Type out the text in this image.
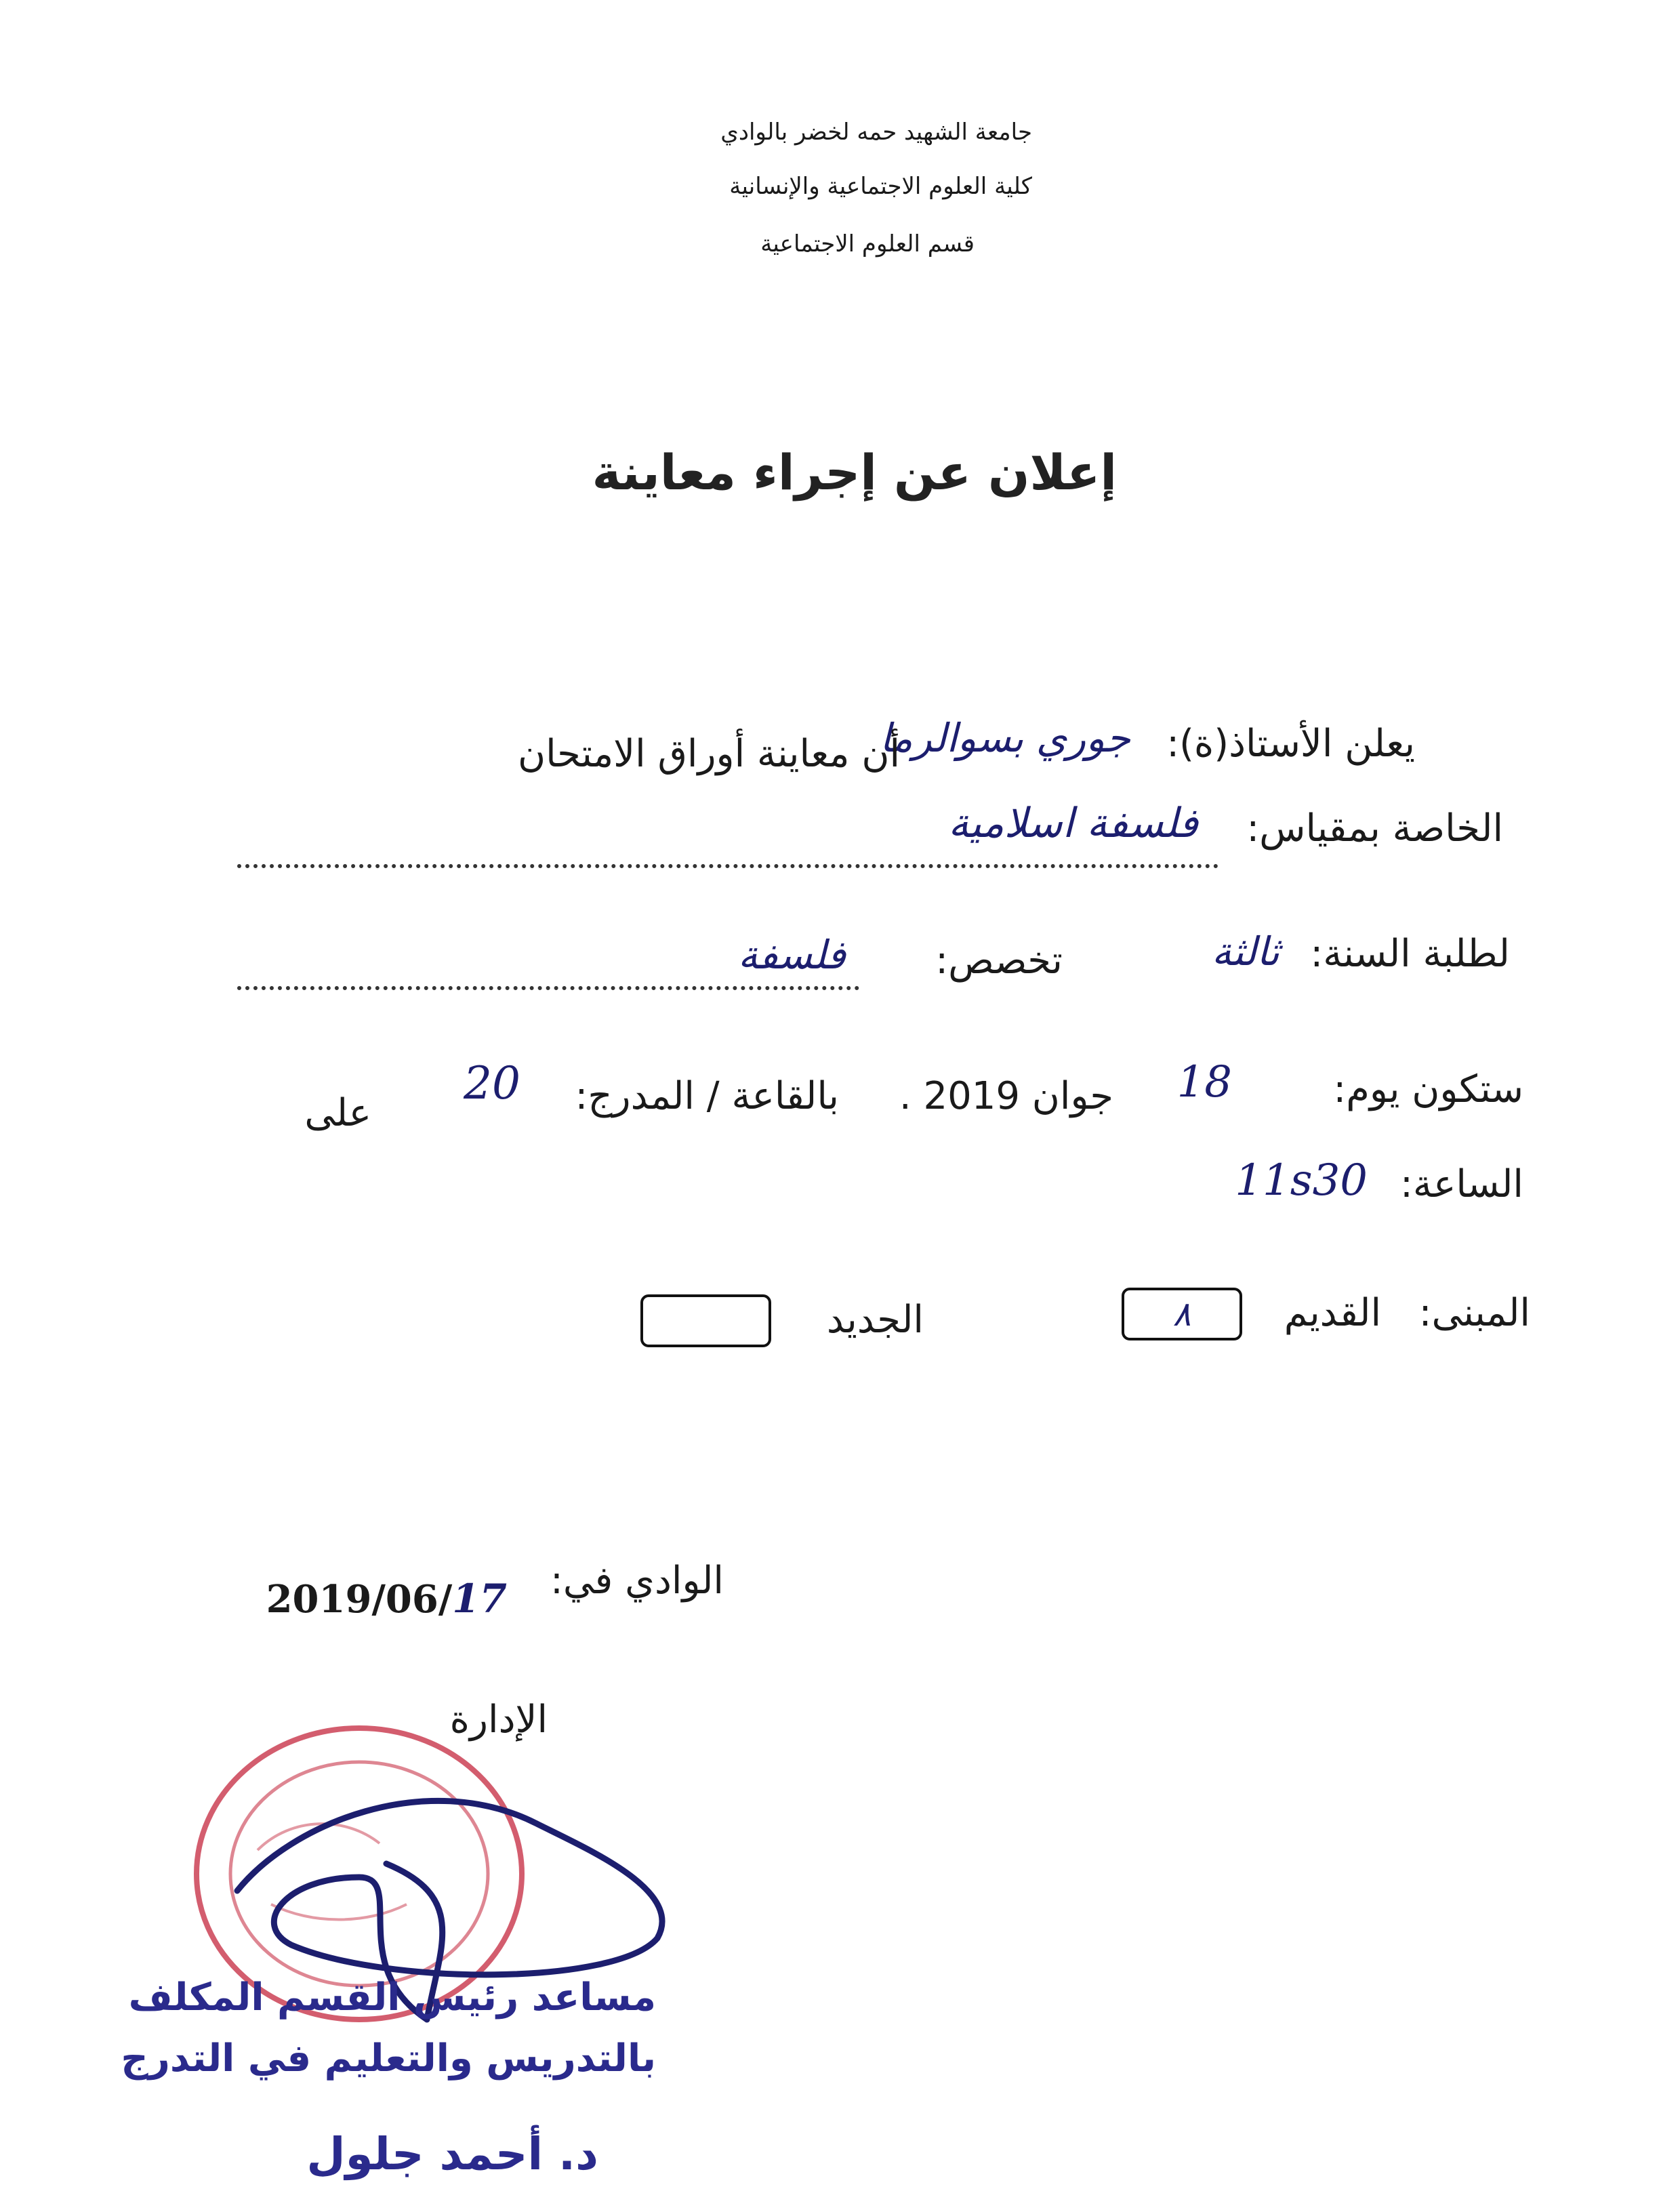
جامعة الشهيد حمه لخضر بالوادي
كلية العلوم الاجتماعية والإنسانية
قسم العلوم الاجتماعية
إعلان عن إجراء معاينة
يعلن الأستاذ(ة):
جوري بسوالرما
أن معاينة أوراق الامتحان
الخاصة بمقياس:
فلسفة اسلامية
لطلبة السنة:
ثالثة
تخصص:
فلسفة
ستكون يوم:
18
جوان 2019 .
بالقاعة / المدرج:
20
على
الساعة:
11s30
المبنى:
القديم
٨
الجديد
الوادي في:
2019/06/17
الإدارة
مساعد رئيس القسم المكلف
بالتدريس والتعليم في التدرج
د. أحمد جلول
